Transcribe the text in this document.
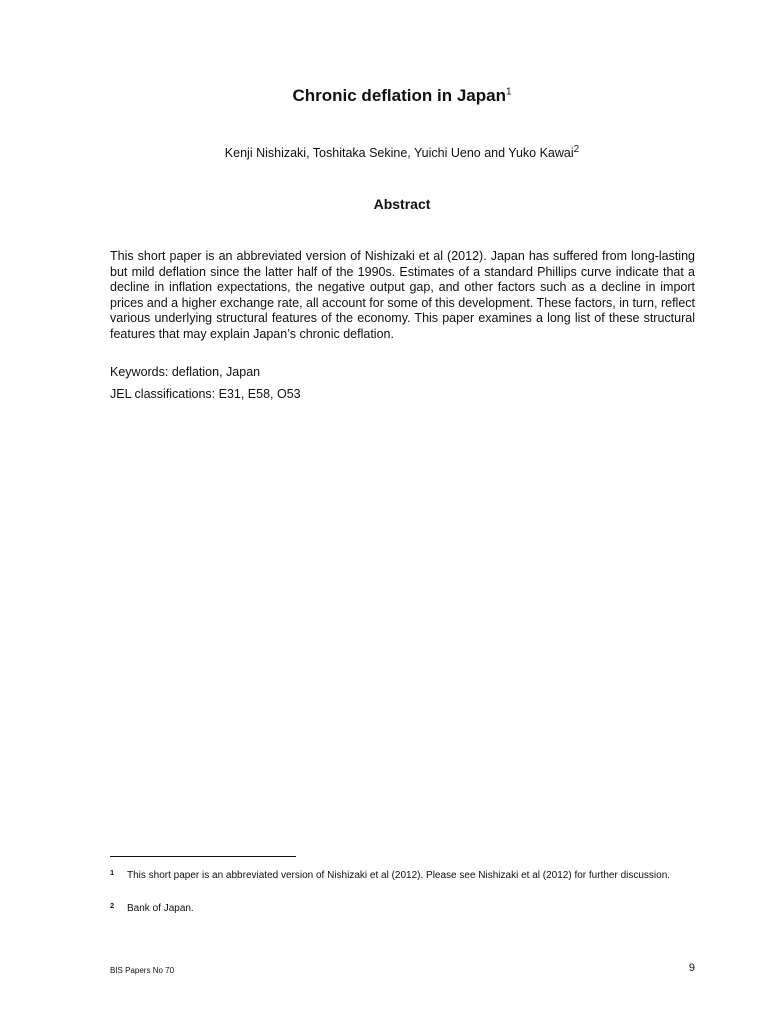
Chronic deflation in Japan$^1$
Kenji Nishizaki, Toshitaka Sekine, Yuichi Ueno and Yuko Kawai$^2$
Abstract

This short paper is an abbreviated version of Nishizaki et al (2012). Japan has suffered from long-lasting but mild deflation since the latter half of the 1990s. Estimates of a standard Phillips curve indicate that a decline in inflation expectations, the negative output gap, and other factors such as a decline in import prices and a higher exchange rate, all account for some of this development. These factors, in turn, reflect various underlying structural features of the economy. This paper examines a long list of these structural features that may explain Japan’s chronic deflation.

Keywords: deflation, Japan

JEL classifications: E31, E58, O53

1 This short paper is an abbreviated version of Nishizaki et al (2012). Please see Nishizaki et al (2012) for further discussion.

2 Bank of Japan.

BIS Papers No 70	9
